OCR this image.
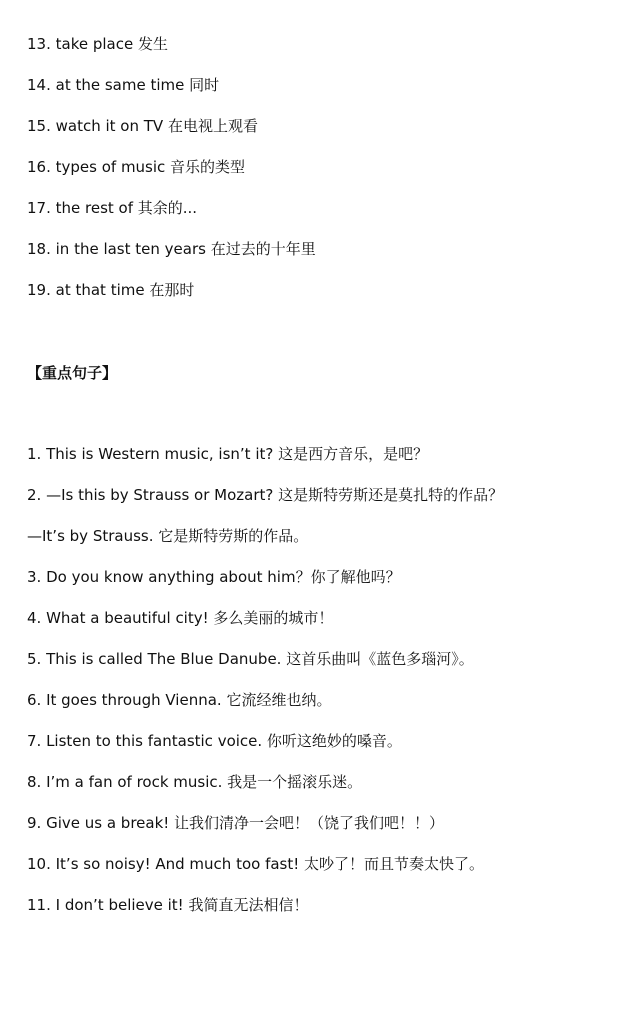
13. take place 发生
14. at the same time 同时
15. watch it on TV 在电视上观看
16. types of music 音乐的类型
17. the rest of 其余的...
18. in the last ten years 在过去的十年里
19. at that time 在那时
【重点句子】
1. This is Western music, isn’t it? 这是西方音乐，是吧？
2. —Is this by Strauss or Mozart? 这是斯特劳斯还是莫扎特的作品？
—It’s by Strauss. 它是斯特劳斯的作品。
3. Do you know anything about him？你了解他吗？
4. What a beautiful city! 多么美丽的城市！
5. This is called The Blue Danube. 这首乐曲叫《蓝色多瑙河》。
6. It goes through Vienna. 它流经维也纳。
7. Listen to this fantastic voice. 你听这绝妙的嗓音。
8. I’m a fan of rock music. 我是一个摇滚乐迷。
9. Give us a break! 让我们清净一会吧！（饶了我们吧！！）
10. It’s so noisy! And much too fast! 太吵了！而且节奏太快了。
11. I don’t believe it! 我简直无法相信！
